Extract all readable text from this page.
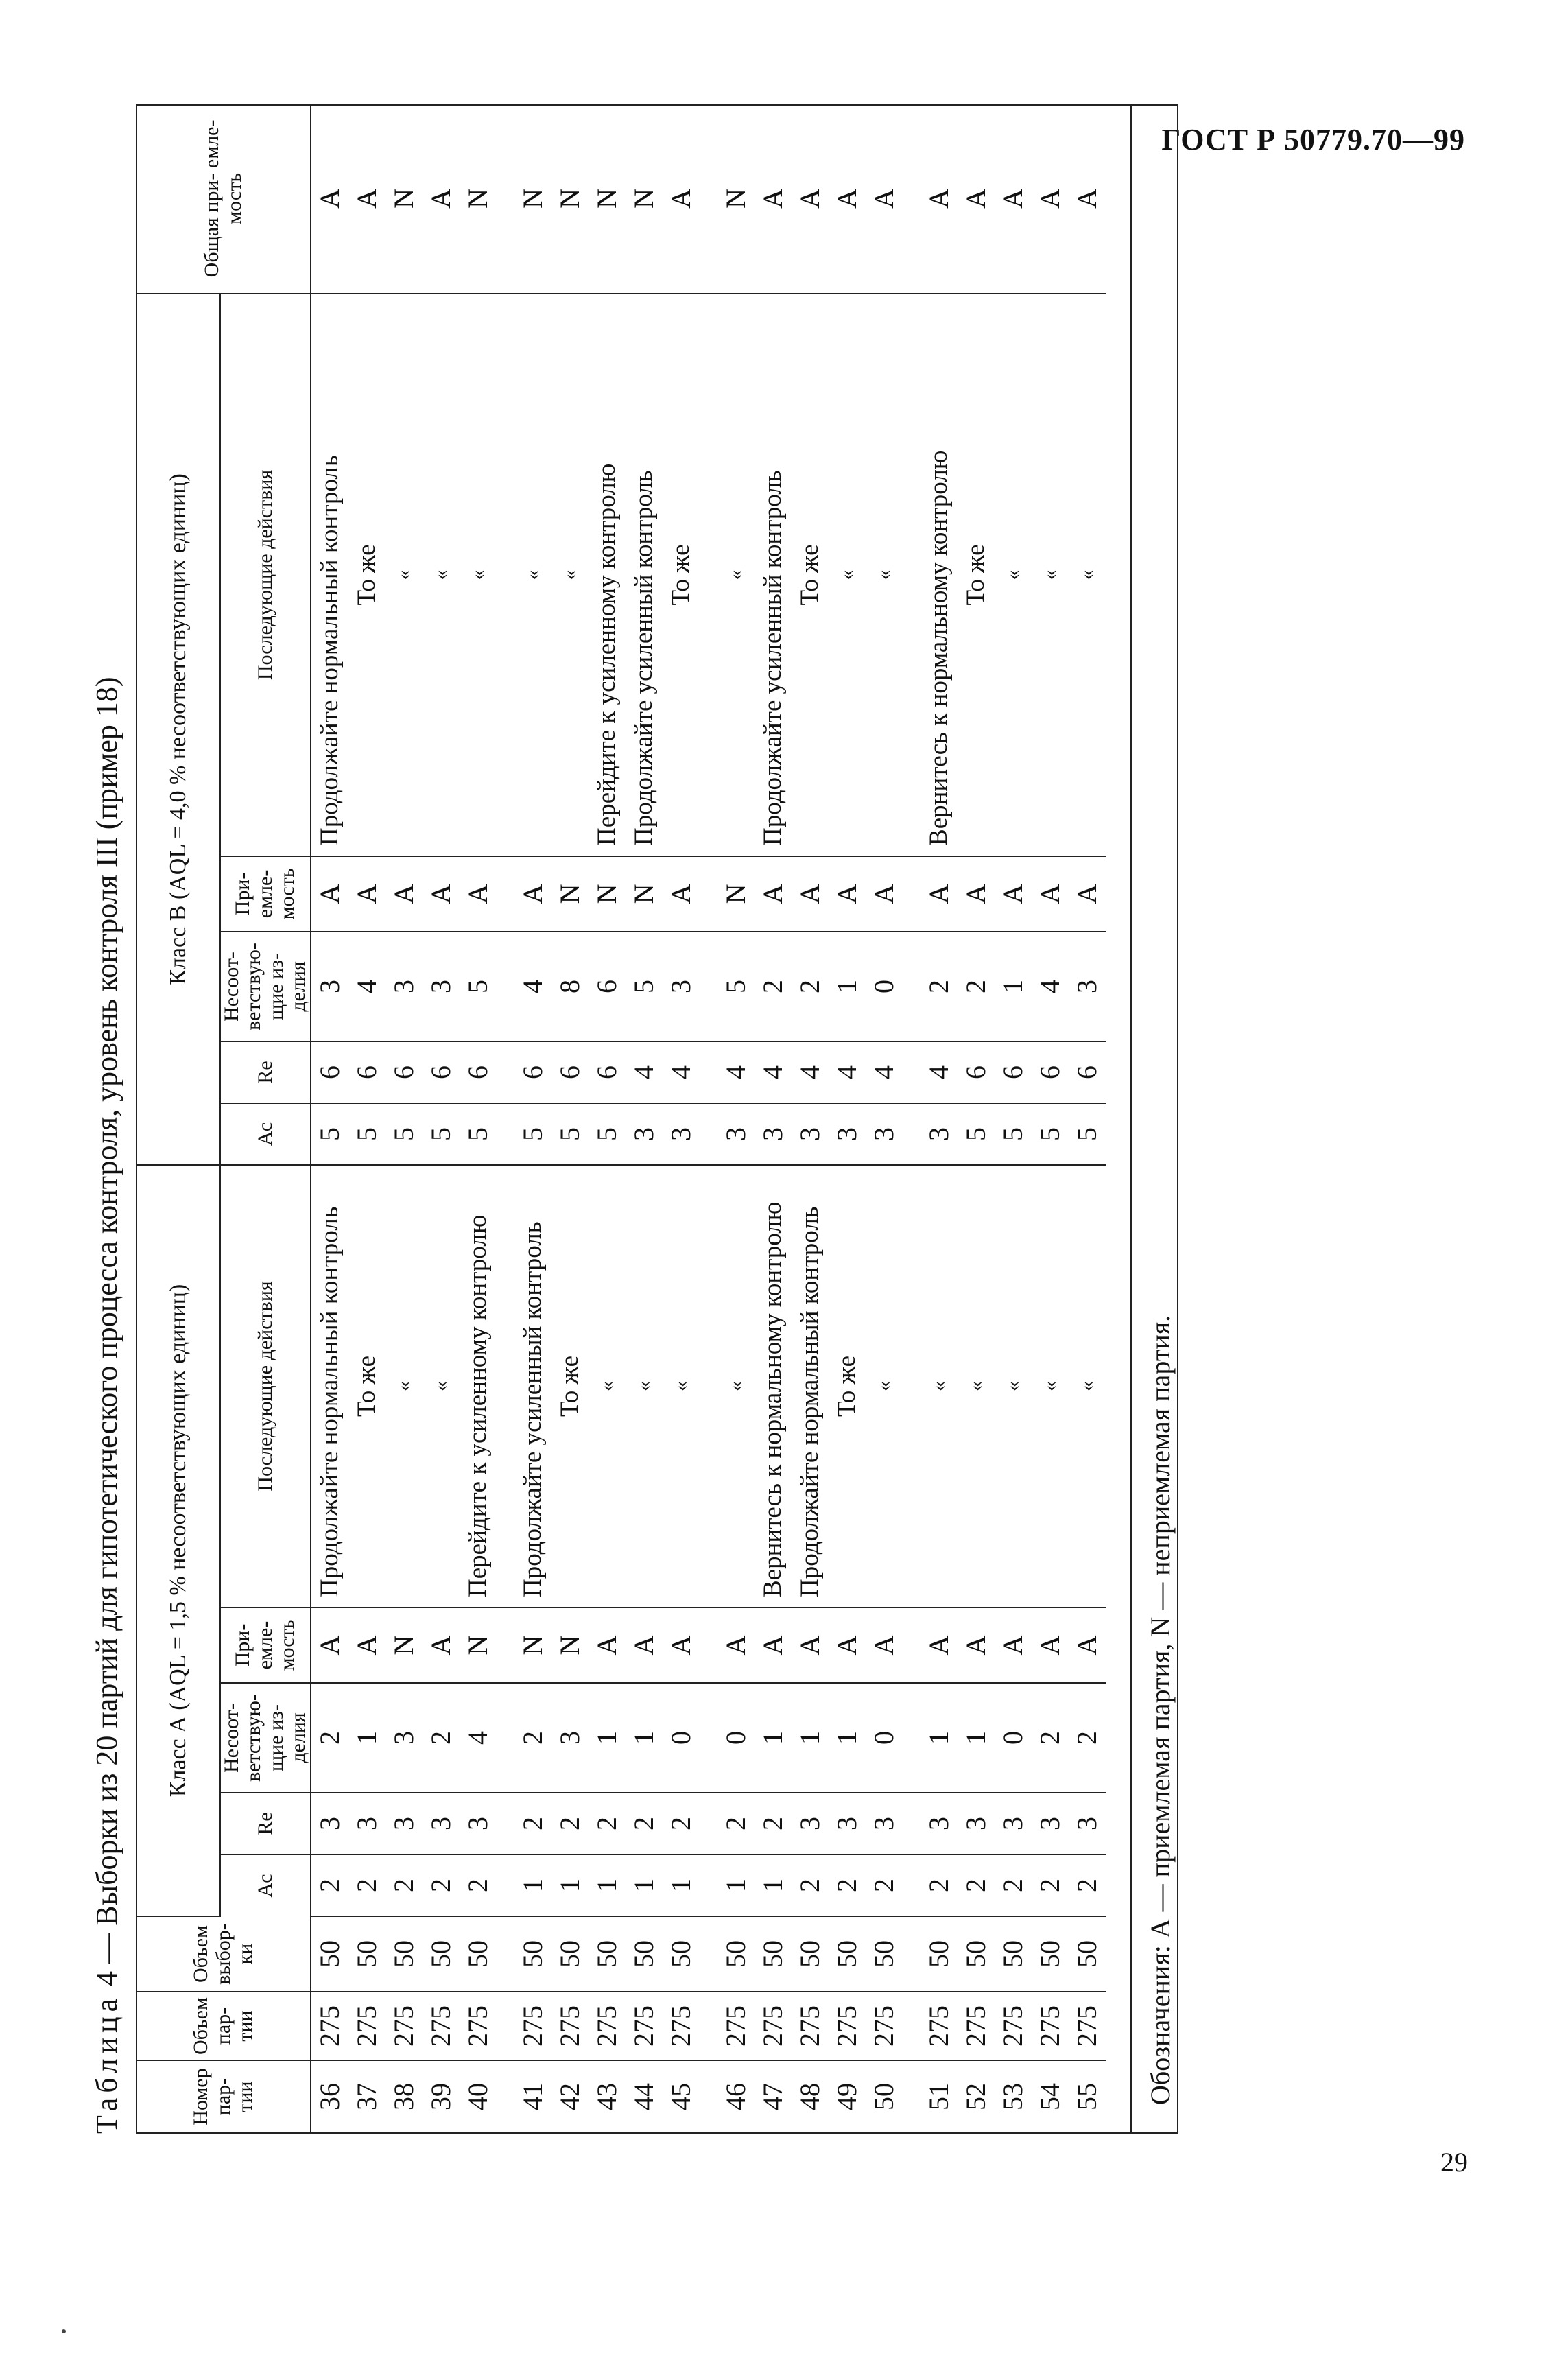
ГОСТ Р 50779.70—99
Таблица 4 — Выборки из 20 партий для гипотетического процесса контроля, уровень контроля III (пример 18)
Номер пар- тии	Объем пар- тии	Объем выбор- ки	Класс А (AQL = 1,5 % несоответствующих единиц)					Класс В (AQL = 4,0 % несоответствующих единиц)					Общая при- емле- мость
			Ас	Re	Несоот- ветствую- щие из- делия	При- емле- мость	Последующие действия	Ас	Re	Несоот- ветствую- щие из- делия	При- емле- мость	Последующие действия	
36	275	50	2	3	2	A	Продолжайте нормальный контроль	5	6	3	A	Продолжайте нормальный контроль	A
37	275	50	2	3	1	A	То же	5	6	4	A	То же	A
38	275	50	2	3	3	N	«	5	6	3	A	«	N
39	275	50	2	3	2	A	«	5	6	3	A	«	A
40	275	50	2	3	4	N	Перейдите к усиленному контролю	5	6	5	A	«	N
41	275	50	1	2	2	N	Продолжайте усиленный контроль	5	6	4	A	«	N
42	275	50	1	2	3	N	То же	5	6	8	N	«	N
43	275	50	1	2	1	A	«	5	6	6	N	Перейдите к усиленному контролю	N
44	275	50	1	2	1	A	«	3	4	5	N	Продолжайте усиленный контроль	N
45	275	50	1	2	0	A	«	3	4	3	A	То же	A
46	275	50	1	2	0	A	«	3	4	5	N	«	N
47	275	50	1	2	1	A	Вернитесь к нормальному контролю	3	4	2	A	Продолжайте усиленный контроль	A
48	275	50	2	3	1	A	Продолжайте нормальный контроль	3	4	2	A	То же	A
49	275	50	2	3	1	A	То же	3	4	1	A	«	A
50	275	50	2	3	0	A	«	3	4	0	A	«	A
51	275	50	2	3	1	A	«	3	4	2	A	Вернитесь к нормальному контролю	A
52	275	50	2	3	1	A	«	5	6	2	A	То же	A
53	275	50	2	3	0	A	«	5	6	1	A	«	A
54	275	50	2	3	2	A	«	5	6	4	A	«	A
55	275	50	2	3	2	A	«	5	6	3	A	«	A
Обозначения: А — приемлемая партия, N — неприемлемая партия.
29
